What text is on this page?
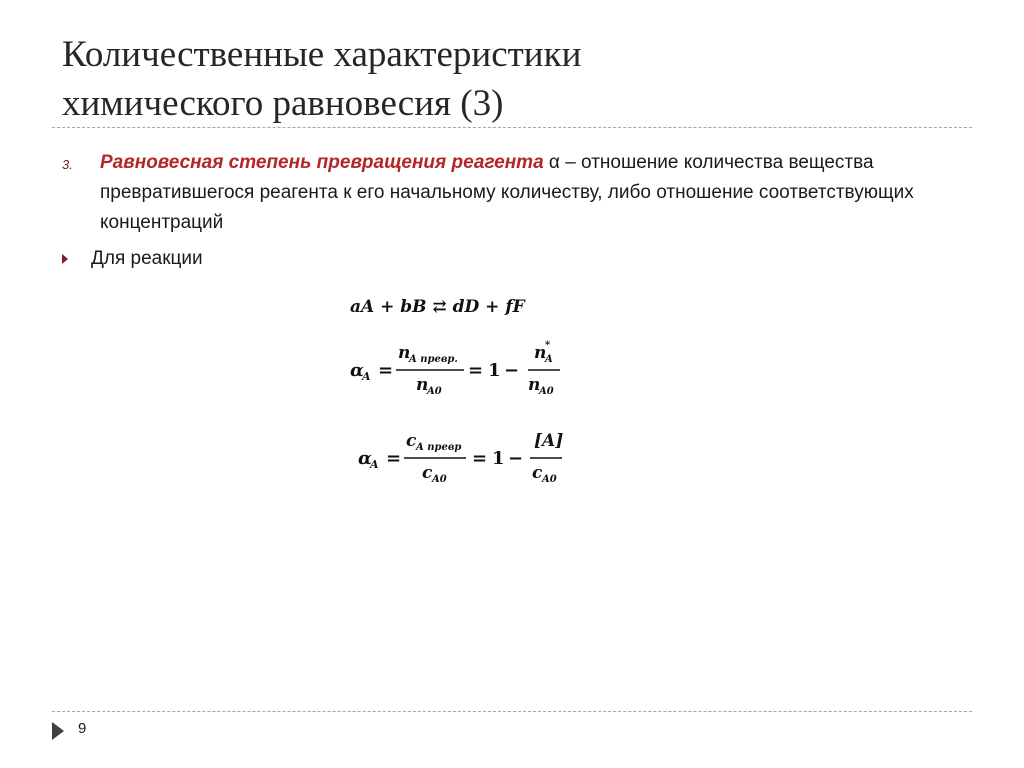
Количественные характеристики
химического равновесия (3)
3. Равновесная степень превращения реагента α – отношение количества вещества превратившегося реагента к его начальному количеству, либо отношение соответствующих концентраций
Для реакции
aA + bB ⇄ dD + fF
α
A =
n
A превр.
n
A0
= 1 −
n
A
*
n
A0
α
A =
c A превр
c A0
= 1 −
[A]
c A0
9
